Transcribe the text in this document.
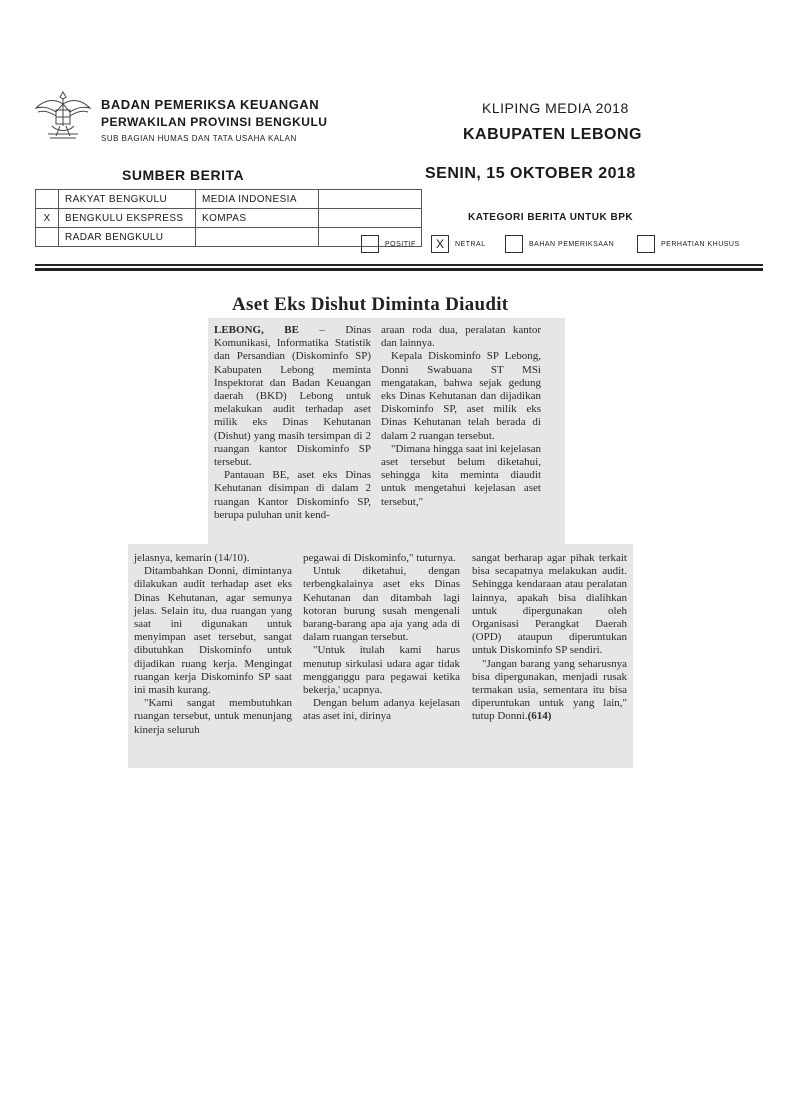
BADAN PEMERIKSA KEUANGAN
PERWAKILAN PROVINSI BENGKULU
SUB BAGIAN HUMAS DAN TATA USAHA KALAN
KLIPING MEDIA 2018
KABUPATEN LEBONG
SUMBER BERITA	SENIN, 15 OKTOBER 2018
	RAKYAT BENGKULU	MEDIA INDONESIA	
X	BENGKULU EKSPRESS	KOMPAS	
	RADAR BENGKULU		
KATEGORI BERITA UNTUK BPK
POSITIF	X	NETRAL	BAHAN PEMERIKSAAN	PERHATIAN KHUSUS
Aset Eks Dishut Diminta Diaudit

LEBONG, BE – Dinas Komunikasi, Informatika Statistik dan Persandian (Diskominfo SP) Kabupaten Lebong meminta Inspektorat dan Badan Keuangan daerah (BKD) Lebong untuk melakukan audit terhadap aset milik eks Dinas Kehutanan (Dishut) yang masih tersimpan di 2 ruangan kantor Diskominfo SP tersebut.

Pantauan BE, aset eks Dinas Kehutanan disimpan di dalam 2 ruangan Kantor Diskominfo SP, berupa puluhan unit kend-

araan roda dua, peralatan kantor dan lainnya.

Kepala Diskominfo SP Lebong, Donni Swabuana ST MSi mengatakan, bahwa sejak gedung eks Dinas Kehutanan dan dijadikan Diskominfo SP, aset milik eks Dinas Kehutanan telah berada di dalam 2 ruangan tersebut.

"Dimana hingga saat ini kejelasan aset tersebut belum diketahui, sehingga kita meminta diaudit untuk mengetahui kejelasan aset tersebut,"

jelasnya, kemarin (14/10).

Ditambahkan Donni, dimintanya dilakukan audit terhadap aset eks Dinas Kehutanan, agar semunya jelas. Selain itu, dua ruangan yang saat ini digunakan untuk menyimpan aset tersebut, sangat dibutuhkan Diskominfo untuk dijadikan ruang kerja. Mengingat ruangan kerja Diskominfo SP saat ini masih kurang.

"Kami sangat membutuhkan ruangan tersebut, untuk menunjang kinerja seluruh

pegawai di Diskominfo," tuturnya.

Untuk diketahui, dengan terbengkalainya aset eks Dinas Kehutanan dan ditambah lagi kotoran burung susah mengenali barang-barang apa aja yang ada di dalam ruangan tersebut.

"Untuk itulah kami harus menutup sirkulasi udara agar tidak mengganggu para pegawai ketika bekerja,' ucapnya.

Dengan belum adanya kejelasan atas aset ini, dirinya

sangat berharap agar pihak terkait bisa secapatnya melakukan audit. Sehingga kendaraan atau peralatan lainnya, apakah bisa dialihkan untuk dipergunakan oleh Organisasi Perangkat Daerah (OPD) ataupun diperuntukan untuk Diskominfo SP sendiri.

"Jangan barang yang seharusnya bisa dipergunakan, menjadi rusak termakan usia, sementara itu bisa diperuntukan untuk yang lain," tutup Donni.(614)
